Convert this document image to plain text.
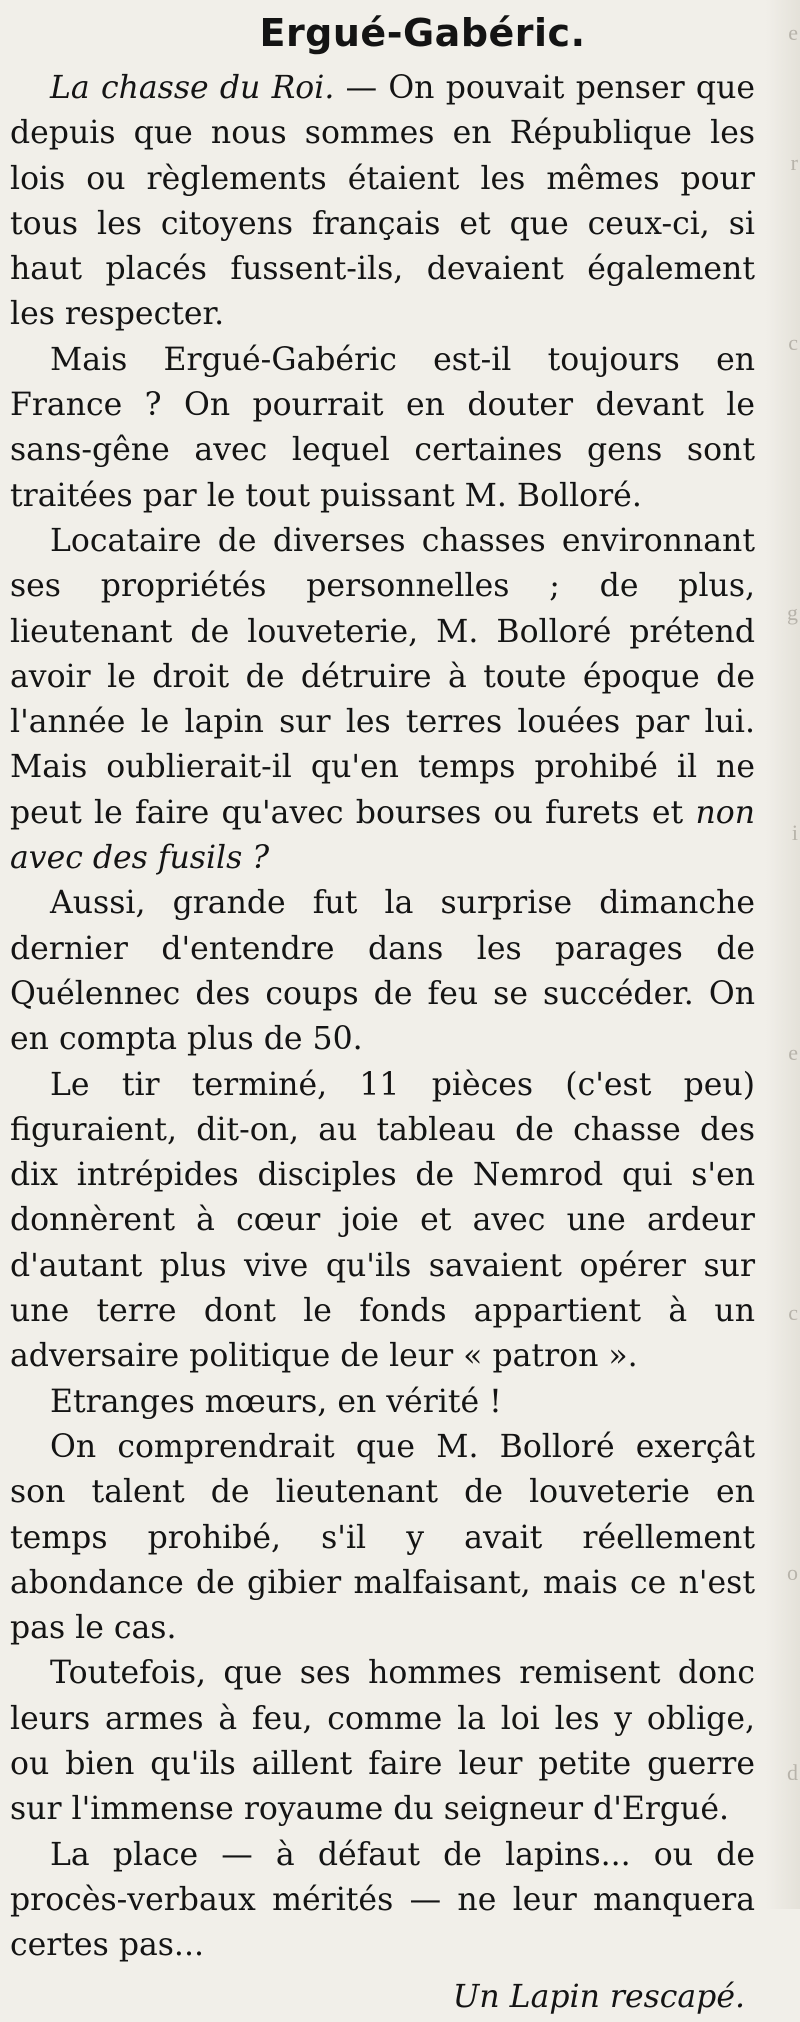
e
r
c
g
i
e
c
o
d
Ergué-Gabéric.

La chasse du Roi. — On pouvait penser que depuis que nous sommes en République les lois ou règlements étaient les mêmes pour tous les citoyens français et que ceux-ci, si haut placés fussent-ils, devaient également les respecter.

Mais Ergué-Gabéric est-il toujours en France ? On pourrait en douter devant le sans-gêne avec lequel certaines gens sont traitées par le tout puissant M. Bolloré.

Locataire de diverses chasses environnant ses propriétés personnelles ; de plus, lieutenant de louveterie, M. Bolloré prétend avoir le droit de détruire à toute époque de l'année le lapin sur les terres louées par lui. Mais oublierait-il qu'en temps prohibé il ne peut le faire qu'avec bourses ou furets et non avec des fusils ?

Aussi, grande fut la surprise dimanche dernier d'entendre dans les parages de Quélennec des coups de feu se succéder. On en compta plus de 50.

Le tir terminé, 11 pièces (c'est peu) figuraient, dit-on, au tableau de chasse des dix intrépides disciples de Nemrod qui s'en donnèrent à cœur joie et avec une ardeur d'autant plus vive qu'ils savaient opérer sur une terre dont le fonds appartient à un adversaire politique de leur « patron ».

Etranges mœurs, en vérité !

On comprendrait que M. Bolloré exerçât son talent de lieutenant de louveterie en temps prohibé, s'il y avait réellement abondance de gibier malfaisant, mais ce n'est pas le cas.

Toutefois, que ses hommes remisent donc leurs armes à feu, comme la loi les y oblige, ou bien qu'ils aillent faire leur petite guerre sur l'immense royaume du seigneur d'Ergué.

La place — à défaut de lapins... ou de procès-verbaux mérités — ne leur manquera certes pas...

Un Lapin rescapé.
